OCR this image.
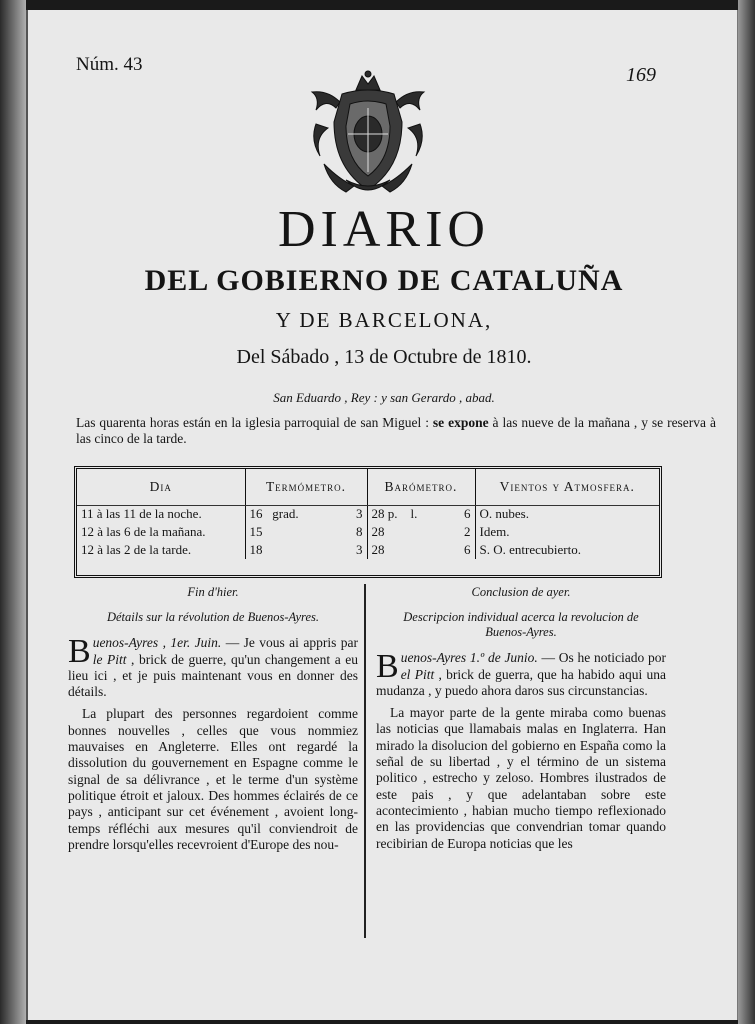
Núm. 43	169
DIARIO
DEL GOBIERNO DE CATALUÑA
Y DE BARCELONA,
Del Sábado , 13 de Octubre de 1810.
San Eduardo , Rey : y san Gerardo , abad.
Las quarenta horas están en la iglesia parroquial de san Miguel : se expone à las nueve de la mañana , y se reserva à las cinco de la tarde.
Dia	Termómetro.	Barómetro.	Vientos y Atmosfera.
11 à las 11 de la noche.	16 grad. 3	28 p. l. 6	O. nubes.
12 à las 6 de la mañana.	15 8	28 2	Idem.
12 à las 2 de la tarde.	18 3	28 6	S. O. entrecubierto.
Fin d'hier.
Détails sur la révolution de Buenos-Ayres.

Buenos-Ayres , 1er. Juin. — Je vous ai appris par le Pitt , brick de guerre, qu'un changement a eu lieu ici , et je puis maintenant vous en donner des détails.

La plupart des personnes regardoient comme bonnes nouvelles , celles que vous nommiez mauvaises en Angleterre. Elles ont regardé la dissolution du gouvernement en Espagne comme le signal de sa délivrance , et le terme d'un système politique étroit et jaloux. Des hommes éclairés de ce pays , anticipant sur cet événement , avoient long-temps réfléchi aux mesures qu'il conviendroit de prendre lorsqu'elles recevroient d'Europe des nou-

Conclusion de ayer.
Descripcion individual acerca la revolucion de Buenos-Ayres.

Buenos-Ayres 1.º de Junio. — Os he noticiado por el Pitt , brick de guerra, que ha habido aqui una mudanza , y puedo ahora daros sus circunstancias.

La mayor parte de la gente miraba como buenas las noticias que llamabais malas en Inglaterra. Han mirado la disolucion del gobierno en España como la señal de su libertad , y el término de un sistema politico , estrecho y zeloso. Hombres ilustrados de este pais , y que adelantaban sobre este acontecimiento , habian mucho tiempo reflexionado en las providencias que convendrian tomar quando recibirian de Europa noticias que les
